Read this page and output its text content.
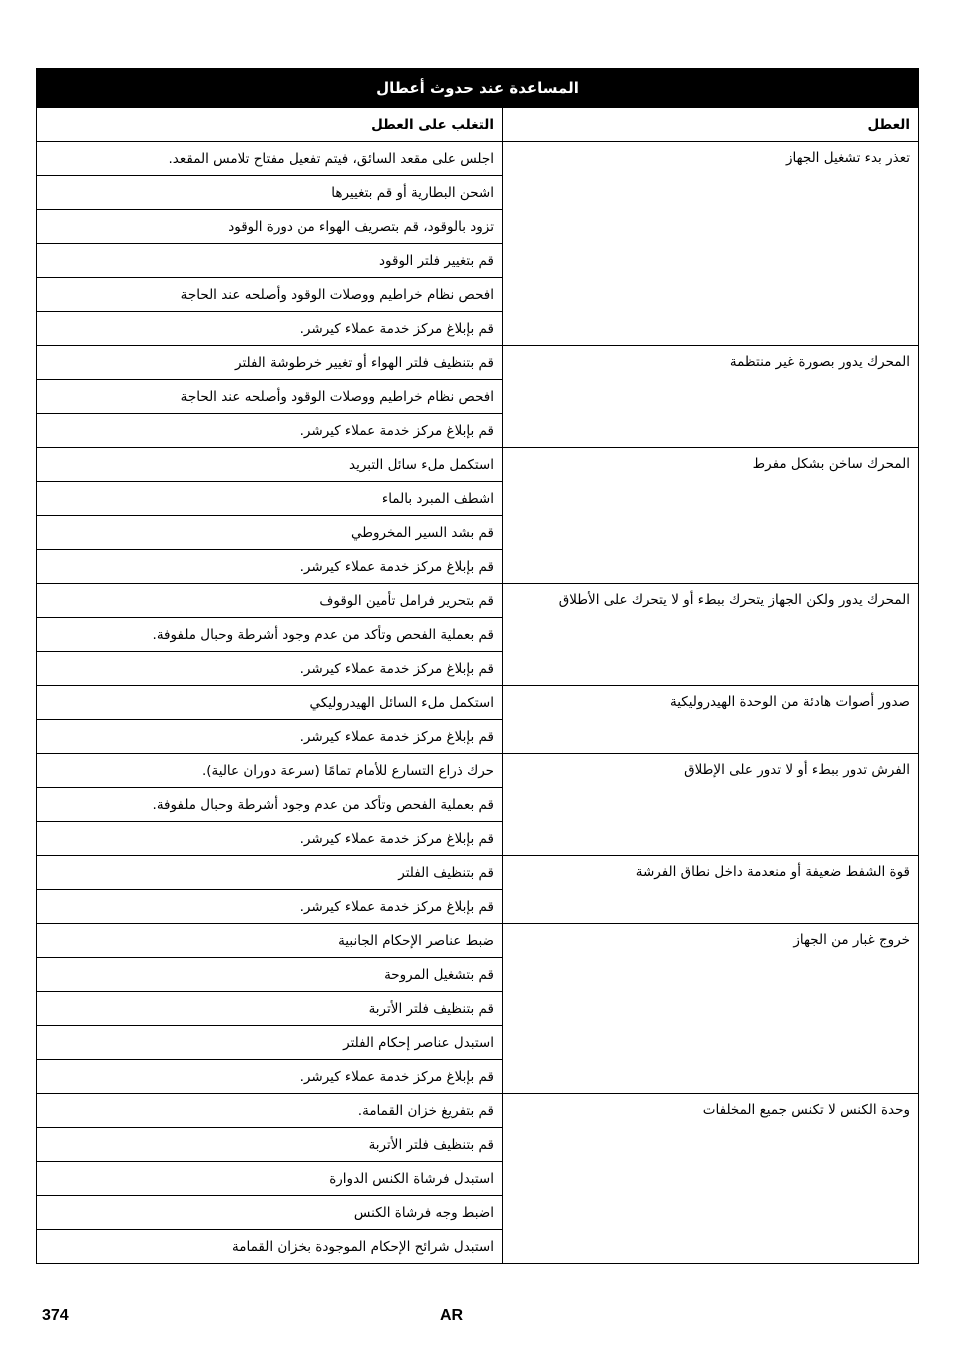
المساعدة عند حدوث أعطال	
العطل	التغلب على العطل
تعذر بدء تشغيل الجهاز	اجلس على مقعد السائق، فيتم تفعيل مفتاح تلامس المقعد.
	اشحن البطارية أو قم بتغييرها
	تزود بالوقود، قم بتصريف الهواء من دورة الوقود
	قم بتغيير فلتر الوقود
	افحص نظام خراطيم ووصلات الوقود وأصلحه عند الحاجة
	قم بإبلاغ مركز خدمة عملاء كيرشر.
المحرك يدور بصورة غير منتظمة	قم بتنظيف فلتر الهواء أو تغيير خرطوشة الفلتر
	افحص نظام خراطيم ووصلات الوقود وأصلحه عند الحاجة
	قم بإبلاغ مركز خدمة عملاء كيرشر.
المحرك ساخن بشكل مفرط	استكمل ملء سائل التبريد
	اشطف المبرد بالماء
	قم بشد السير المخروطي
	قم بإبلاغ مركز خدمة عملاء كيرشر.
المحرك يدور ولكن الجهاز يتحرك ببطء أو لا يتحرك على الأطلاق	قم بتحرير فرامل تأمين الوقوف
	قم بعملية الفحص وتأكد من عدم وجود أشرطة وحبال ملفوفة.
	قم بإبلاغ مركز خدمة عملاء كيرشر.
صدور أصوات هادئة من الوحدة الهيدروليكية	استكمل ملء السائل الهيدروليكي
	قم بإبلاغ مركز خدمة عملاء كيرشر.
الفرش تدور ببطء أو لا تدور على الإطلاق	حرك ذراع التسارع للأمام تمامًا (سرعة دوران عالية).
	قم بعملية الفحص وتأكد من عدم وجود أشرطة وحبال ملفوفة.
	قم بإبلاغ مركز خدمة عملاء كيرشر.
قوة الشفط ضعيفة أو منعدمة داخل نطاق الفرشة	قم بتنظيف الفلتر
	قم بإبلاغ مركز خدمة عملاء كيرشر.
خروج غبار من الجهاز	ضبط عناصر الإحكام الجانبية
	قم بتشغيل المروحة
	قم بتنظيف فلتر الأتربة
	استبدل عناصر إحكام الفلتر
	قم بإبلاغ مركز خدمة عملاء كيرشر.
وحدة الكنس لا تكنس جميع المخلفات	قم بتفريغ خزان القمامة.
	قم بتنظيف فلتر الأتربة
	استبدل فرشاة الكنس الدوارة
	اضبط وجه فرشاة الكنس
	استبدل شرائح الإحكام الموجودة بخزان القمامة
374	AR
